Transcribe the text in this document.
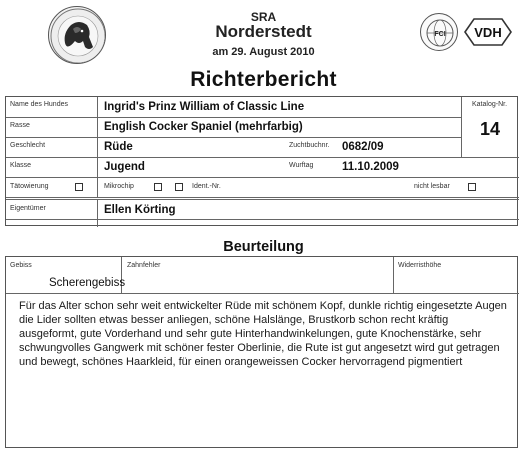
SRA
Norderstedt
am 29. August 2010
FCI VDH
Richterbericht
Name des Hundes	Ingrid's Prinz William of Classic Line	Katalog-Nr.
14
Rasse	English Cocker Spaniel (mehrfarbig)
Geschlecht	Rüde	Zuchtbuchnr. 0682/09
Klasse	Jugend	Wurftag 11.10.2009
Tätowierung	Mikrochip	Ident.-Nr.	nicht lesbar
Eigentümer	Ellen Körting
Beurteilung
Gebiss	Zahnfehler	Widerristhöhe
Scherengebiss
Für das Alter schon sehr weit entwickelter Rüde mit schönem Kopf, dunkle richtig eingesetzte Augen die Lider sollten etwas besser anliegen, schöne Halslänge, Brustkorb schon recht kräftig ausgeformt, gute Vorderhand und sehr gute Hinterhandwinkelungen, gute Knochenstärke, sehr schwungvolles Gangwerk mit schöner fester Oberlinie, die Rute ist gut angesetzt wird gut getragen und bewegt, schönes Haarkleid, für einen orangeweissen Cocker hervorragend pigmentiert
